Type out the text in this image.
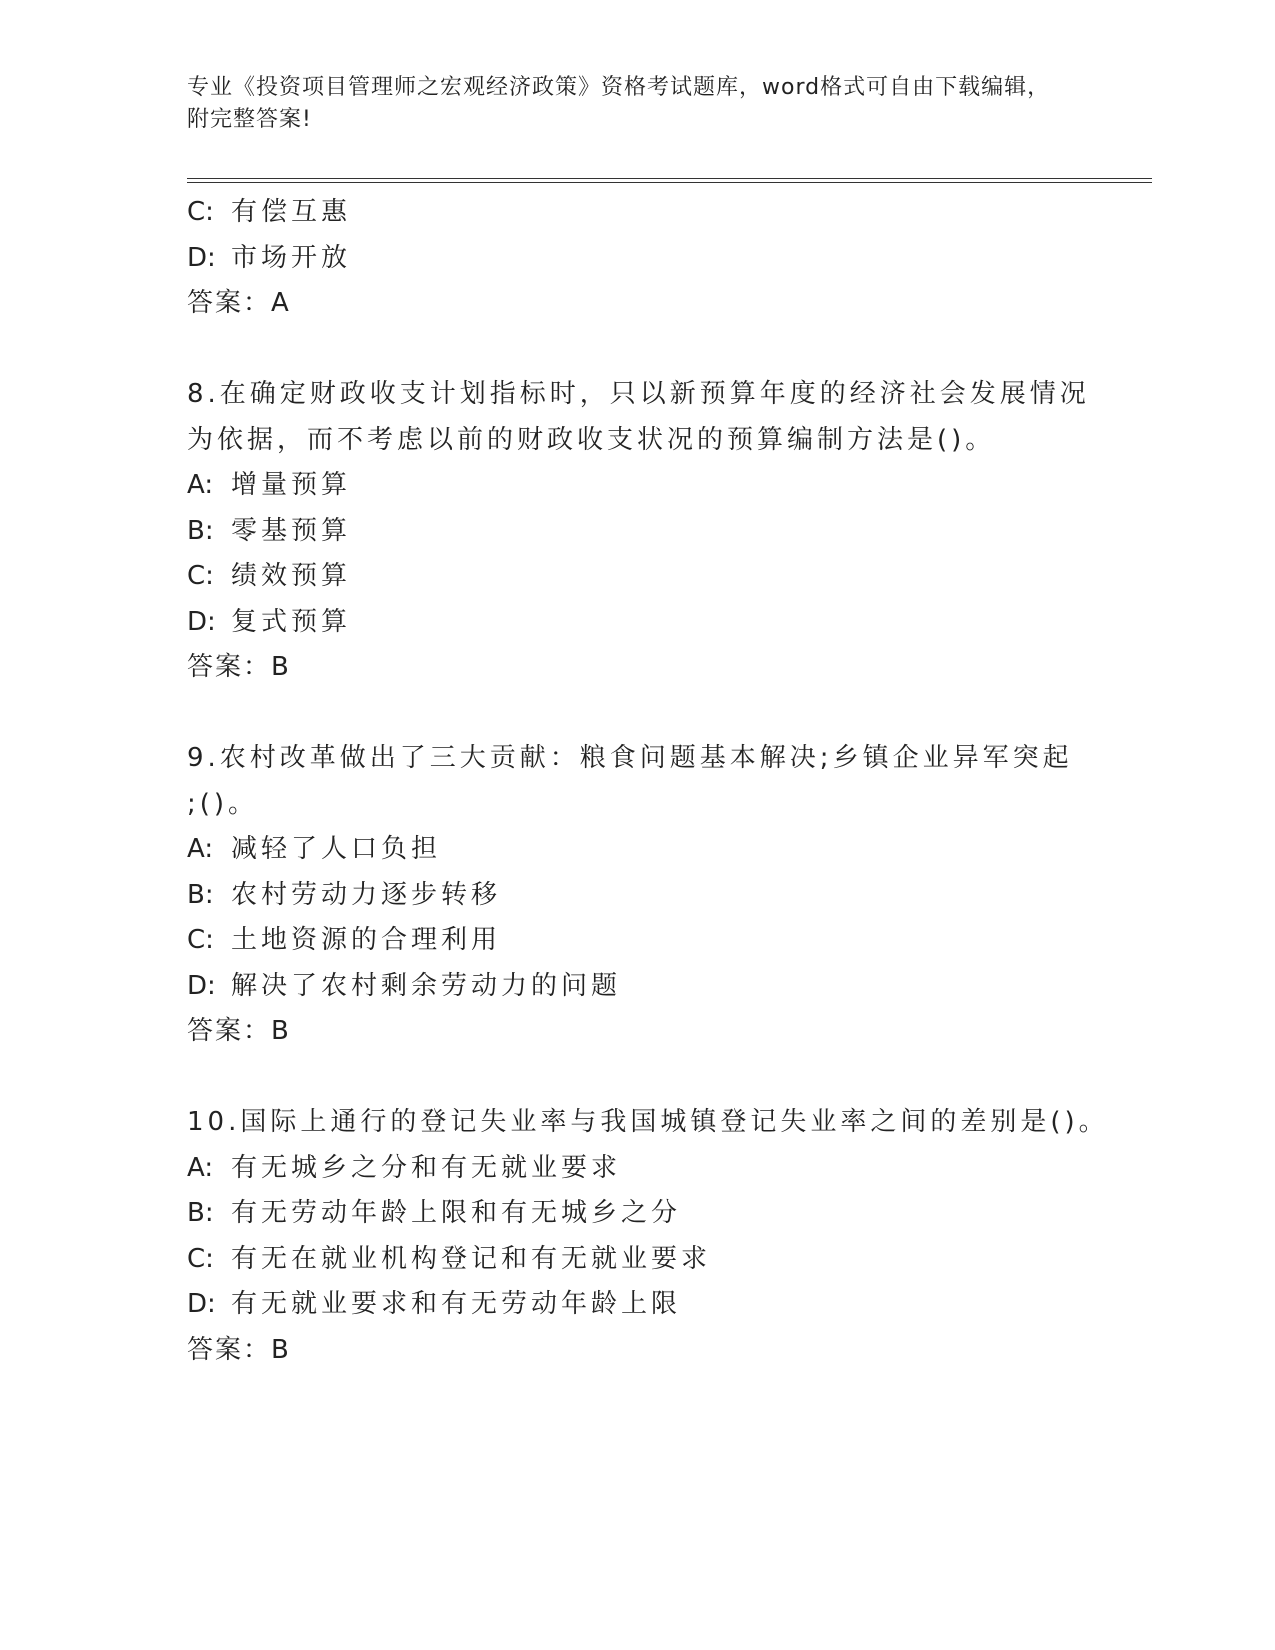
专业《投资项目管理师之宏观经济政策》资格考试题库，word格式可自由下载编辑，附完整答案!
C: 有偿互惠
D: 市场开放
答案：A
8.在确定财政收支计划指标时，只以新预算年度的经济社会发展情况
为依据，而不考虑以前的财政收支状况的预算编制方法是()。
A: 增量预算
B: 零基预算
C: 绩效预算
D: 复式预算
答案：B
9.农村改革做出了三大贡献：粮食问题基本解决;乡镇企业异军突起
;()。
A: 减轻了人口负担
B: 农村劳动力逐步转移
C: 土地资源的合理利用
D: 解决了农村剩余劳动力的问题
答案：B
10.国际上通行的登记失业率与我国城镇登记失业率之间的差别是()。
A: 有无城乡之分和有无就业要求
B: 有无劳动年龄上限和有无城乡之分
C: 有无在就业机构登记和有无就业要求
D: 有无就业要求和有无劳动年龄上限
答案：B
